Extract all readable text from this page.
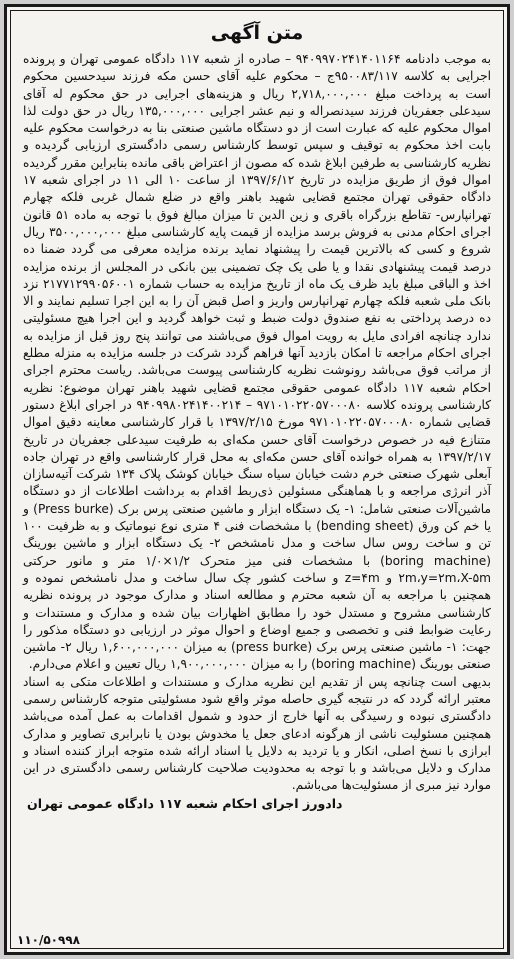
متن آگهی

به موجب دادنامه ۹۴۰۹۹۷۰۲۴۱۴۰۱۱۶۴ – صادره از شعبه ۱۱۷ دادگاه عمومی تهران و پرونده اجرایی به کلاسه ۹۵۰۰۸۳/۱۱۷ج – محکوم علیه آقای حسن مکه فرزند سیدحسین محکوم است به پرداخت مبلغ ۲,۷۱۸,۰۰۰,۰۰۰ ریال و هزینه‌های اجرایی در حق محکوم له آقای سیدعلی جعفریان فرزند سیدنصراله و نیم عشر اجرایی ۱۳۵,۰۰۰,۰۰۰ ریال در حق دولت لذا اموال محکوم علیه که عبارت است از دو دستگاه ماشین صنعتی بنا به درخواست محکوم علیه بابت اخذ محکوم به توقیف و سپس توسط کارشناس رسمی دادگستری ارزیابی گردیده و نظریه کارشناسی به طرفین ابلاغ شده که مصون از اعتراض باقی مانده بنابراین مقرر گردیده اموال فوق از طریق مزایده در تاریخ ۱۳۹۷/۶/۱۲ از ساعت ۱۰ الی ۱۱ در اجرای شعبه ۱۷ دادگاه حقوقی تهران مجتمع قضایی شهید باهنر واقع در ضلع شمال غربی فلکه چهارم تهرانپارس- تقاطع بزرگراه باقری و زین الدین تا میزان مبالغ فوق با توجه به ماده ۵۱ قانون اجرای احکام مدنی به فروش برسد مزایده از قیمت پایه کارشناسی مبلغ ۳۵۰۰,۰۰۰,۰۰۰ ریال شروع و کسی که بالاترین قیمت را پیشنهاد نماید برنده مزایده معرفی می گردد ضمنا ده درصد قیمت پیشنهادی نقدا و یا طی یک چک تضمینی بین بانکی در المجلس از برنده مزایده اخذ و الباقی مبلغ باید ظرف یک ماه از تاریخ مزایده به حساب شماره ۲۱۷۷۱۲۹۹۰۵۶۰۰۱ نزد بانک ملی شعبه فلکه چهارم تهرانپارس واریز و اصل قبض آن را به این اجرا تسلیم نمایند و الا ده درصد پرداختی به نفع صندوق دولت ضبط و ثبت خواهد گردید و این اجرا هیچ مسئولیتی ندارد چنانچه افرادی مایل به رویت اموال فوق می‌باشند می توانند پنج روز قبل از مزایده به اجرای احکام مراجعه تا امکان بازدید آنها فراهم گردد شرکت در جلسه مزایده به منزله مطلع از مراتب فوق می‌باشد رونوشت نظریه کارشناسی پیوست می‌باشد. ریاست محترم اجرای احکام شعبه ۱۱۷ دادگاه عمومی حقوقی مجتمع قضایی شهید باهنر تهران موضوع: نظریه کارشناسی پرونده کلاسه ۹۷۱۰۱۰۲۲۰۵۷۰۰۰۸۰ – ۹۴۰۹۹۸۰۲۴۱۴۰۰۲۱۴ در اجرای ابلاغ دستور قضایی شماره ۹۷۱۰۱۰۲۲۰۵۷۰۰۰۸۰ مورخ ۱۳۹۷/۲/۱۵ با قرار کارشناسی معاینه دقیق اموال متنازع فیه در خصوص درخواست آقای حسن مکه‌ای به طرفیت سیدعلی جعفریان در تاریخ ۱۳۹۷/۲/۱۷ به همراه خوانده آقای حسن مکه‌ای به محل قرار کارشناسی واقع در تهران جاده آبعلی شهرک صنعتی خرم دشت خیابان سیاه سنگ خیابان کوشک پلاک ۱۳۴ شرکت آتیه‌سازان آذر انرژی مراجعه و با هماهنگی مسئولین ذی‌ربط اقدام به برداشت اطلاعات از دو دستگاه ماشین‌آلات صنعتی شامل: ۱- یک دستگاه ابزار و ماشین صنعتی پرس برک (Press burke) و یا خم کن ورق (bending sheet) با مشخصات فنی ۴ متری نوع نیوماتیک و به ظرفیت ۱۰۰ تن و ساخت روس سال ساخت و مدل نامشخص ۲- یک دستگاه ابزار و ماشین بورینگ (boring machine) با مشخصات فنی میز متحرک ۱/۲×۱/۰ متر و مانور حرکتی ۲m،y=۲m،X-۵m و z=۴m و ساخت کشور چک سال ساخت و مدل نامشخص نموده و همچنین با مراجعه به آن شعبه محترم و مطالعه اسناد و مدارک موجود در پرونده نظریه کارشناسی مشروح و مستدل خود را مطابق اظهارات بیان شده و مدارک و مستندات و رعایت ضوابط فنی و تخصصی و جمیع اوضاع و احوال موثر در ارزیابی دو دستگاه مذکور را جهت: ۱- ماشین صنعتی پرس برک (press burke) به میزان ۱,۶۰۰,۰۰۰,۰۰۰ ریال ۲- ماشین صنعتی بورینگ (boring machine) را به میزان ۱,۹۰۰,۰۰۰,۰۰۰ ریال تعیین و اعلام می‌دارم.

بدیهی است چنانچه پس از تقدیم این نظریه مدارک و مستندات و اطلاعات متکی به اسناد معتبر ارائه گردد که در نتیجه گیری حاصله موثر واقع شود مسئولیتی متوجه کارشناس رسمی دادگستری نبوده و رسیدگی به آنها خارج از حدود و شمول اقدامات به عمل آمده می‌باشد همچنین مسئولیت ناشی از هرگونه ادعای جعل یا مخدوش بودن یا نابرابری تصاویر و مدارک ابرازی با نسخ اصلی، انکار و یا تردید به دلایل یا اسناد ارائه شده متوجه ابراز کننده اسناد و مدارک و دلایل می‌باشد و با توجه به محدودیت صلاحیت کارشناس رسمی دادگستری در این موارد نیز مبری از مسئولیت‌ها می‌باشم.

دادورز اجرای احکام شعبه ۱۱۷ دادگاه عمومی تهران
۱۱۰/۵۰۹۹۸
